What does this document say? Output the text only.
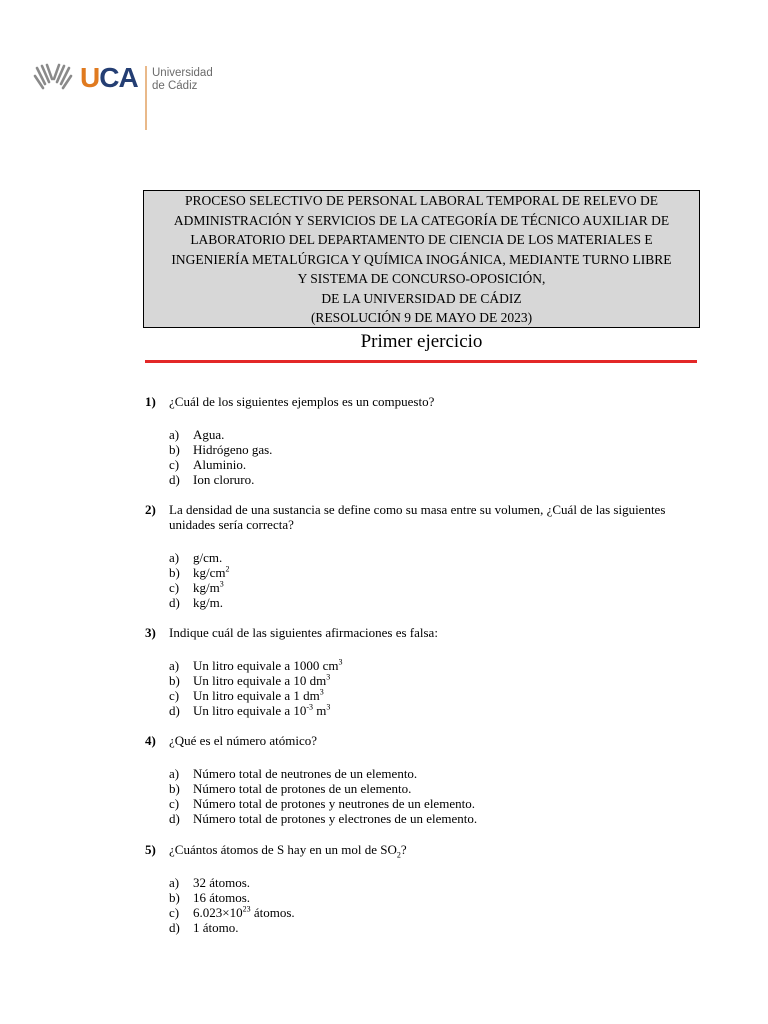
UCA Universidad
de Cádiz
PROCESO SELECTIVO DE PERSONAL LABORAL TEMPORAL DE RELEVO DE
ADMINISTRACIÓN Y SERVICIOS DE LA CATEGORÍA DE TÉCNICO AUXILIAR DE
LABORATORIO DEL DEPARTAMENTO DE CIENCIA DE LOS MATERIALES E
INGENIERÍA METALÚRGICA Y QUÍMICA INOGÁNICA, MEDIANTE TURNO LIBRE
Y SISTEMA DE CONCURSO-OPOSICIÓN,
DE LA UNIVERSIDAD DE CÁDIZ
(RESOLUCIÓN 9 DE MAYO DE 2023)
Primer ejercicio
1) ¿Cuál de los siguientes ejemplos es un compuesto?
a) Agua.
b) Hidrógeno gas.
c) Aluminio.
d) Ion cloruro.
2) La densidad de una sustancia se define como su masa entre su volumen, ¿Cuál de las siguientes unidades sería correcta?
a) g/cm.
b) $kg/cm^2$
c) $kg/m^3$
d) kg/m.
3) Indique cuál de las siguientes afirmaciones es falsa:
a) Un litro equivale a 1000 $cm^3$
b) Un litro equivale a 10 $dm^3$
c) Un litro equivale a 1 $dm^3$
d) Un litro equivale a $10^{-3}$ $m^3$
4) ¿Qué es el número atómico?
a) Número total de neutrones de un elemento.
b) Número total de protones de un elemento.
c) Número total de protones y neutrones de un elemento.
d) Número total de protones y electrones de un elemento.
5) ¿Cuántos átomos de S hay en un mol de $SO_2$?
a) 32 átomos.
b) 16 átomos.
c) $6.023\times 10^{23}$ átomos.
d) 1 átomo.
